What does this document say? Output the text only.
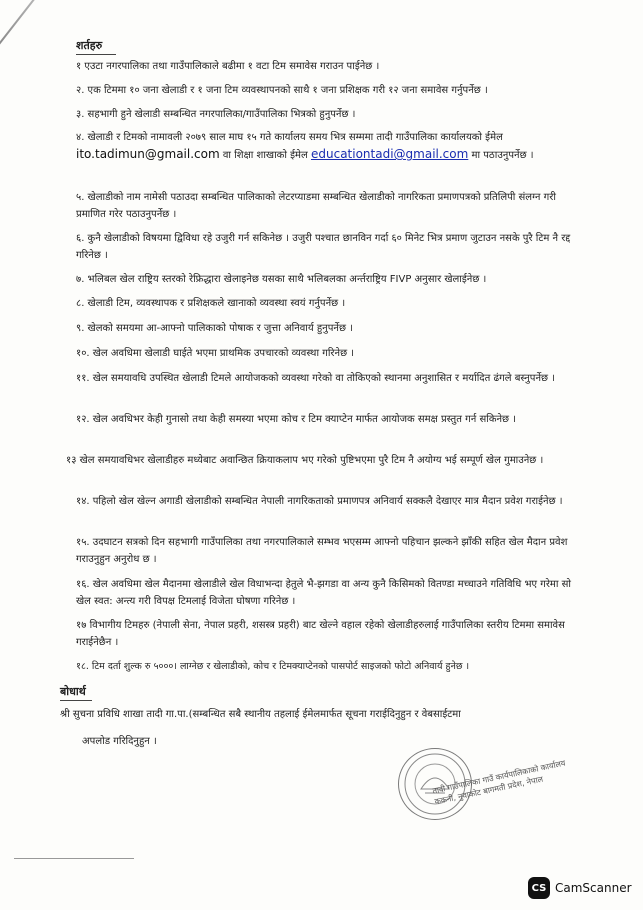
शर्तहरु
१ एउटा नगरपालिका तथा गाउँपालिकाले बढीमा १ वटा टिम समावेस गराउन पाईनेछ ।
२. एक टिममा १० जना खेलाडी र १ जना टिम व्यवस्थापनको साथै १ जना प्रशिक्षक गरी १२ जना समावेस गर्नुपर्नेछ ।
३. सहभागी हुने खेलाडी सम्बन्धित नगरपालिका/गाउँपालिका भित्रको हुनुपर्नेछ ।
४. खेलाडी र टिमको नामावली २०७९ साल माघ १५ गते कार्यालय समय भित्र सम्ममा तादी गाउँपालिका कार्यालयको ईमेल ito.tadimun@gmail.com वा शिक्षा शाखाको ईमेल educationtadi@gmail.com मा पठाउनुपर्नेछ ।
५. खेलाडीको नाम नामेसी पठाउदा सम्बन्धित पालिकाको लेटरप्याडमा सम्बन्धित खेलाडीको नागरिकता प्रमाणपत्रको प्रतिलिपी संलग्न गरी प्रमाणित गरेर पठाउनुपर्नेछ ।
६. कुनै खेलाडीको विषयमा द्विविधा रहे उजुरी गर्न सकिनेछ । उजुरी पश्चात छानविन गर्दा ६० मिनेट भित्र प्रमाण जुटाउन नसके पुरै टिम नै रद्द गरिनेछ ।
७. भलिबल खेल राष्ट्रिय स्तरको रेफ्रिद्धारा खेलाइनेछ यसका साथै भलिबलका अर्न्तराष्ट्रिय FIVP अनुसार खेलाईनेछ ।
८. खेलाडी टिम, व्यवस्थापक र प्रशिक्षकले खानाको व्यवस्था स्वयं गर्नुपर्नेछ ।
९. खेलको समयमा आ-आफ्नो पालिकाको पोषाक र जुत्ता अनिवार्य हुनुपर्नेछ ।
१०. खेल अवधिमा खेलाडी घाईते भएमा प्राथमिक उपचारको व्यवस्था गरिनेछ ।
११. खेल समयावधि उपस्थित खेलाडी टिमले आयोजकको व्यवस्था गरेको वा तोकिएको स्थानमा अनुशासित र मर्यादित ढंगले बस्नुपर्नेछ ।
१२. खेल अवधिभर केही गुनासो तथा केही समस्या भएमा कोच र टिम क्याप्टेन मार्फत आयोजक समक्ष प्रस्तुत गर्न सकिनेछ ।
१३ खेल समयावधिभर खेलाडीहरु मध्येबाट अवान्छित क्रियाकलाप भए गरेको पुष्टिभएमा पुरै टिम नै अयोग्य भई सम्पूर्ण खेल गुमाउनेछ ।
१४. पहिलो खेल खेल्न अगाडी खेलाडीको सम्बन्धित नेपाली नागरिकताको प्रमाणपत्र अनिवार्य सक्कलै देखाएर मात्र मैदान प्रवेश गराईनेछ ।
१५. उदघाटन सत्रको दिन सहभागी गाउँपालिका तथा नगरपालिकाले सम्भव भएसम्म आफ्नो पहिचान झल्कने झाँकी सहित खेल मैदान प्रवेश गराउनुहुन अनुरोध छ ।
१६. खेल अवधिमा खेल मैदानमा खेलाडीले खेल विधाभन्दा हेतुले भै-झगडा वा अन्य कुनै किसिमको वितण्डा मच्चाउने गतिविधि भए गरेमा सो खेल स्वत: अन्त्य गरी विपक्ष टिमलाई विजेता घोषणा गरिनेछ ।
१७ विभागीय टिमहरु (नेपाली सेना, नेपाल प्रहरी, शसस्त्र प्रहरी) बाट खेल्ने वहाल रहेको खेलाडीहरुलाई गाउँपालिका स्तरीय टिममा समावेस गराईनेछैन ।
१८. टिम दर्ता शुल्क रु ५०००। लाग्नेछ र खेलाडीको, कोच र टिमक्याप्टेनको पासपोर्ट साइजको फोटो अनिवार्य हुनेछ ।
बोधार्थ
श्री सुचना प्रविधि शाखा तादी गा.पा.(सम्बन्धित सबै स्थानीय तहलाई ईमेलमार्फत सूचना गराईदिनुहुन र वेबसाईटमा
अपलोड गरिदिनुहुन ।
तादी गाउँपालिका गाउँ कार्यपालिकाको कार्यालय ककनी, नुवाकोट बागमती प्रदेश, नेपाल
CS CamScanner
